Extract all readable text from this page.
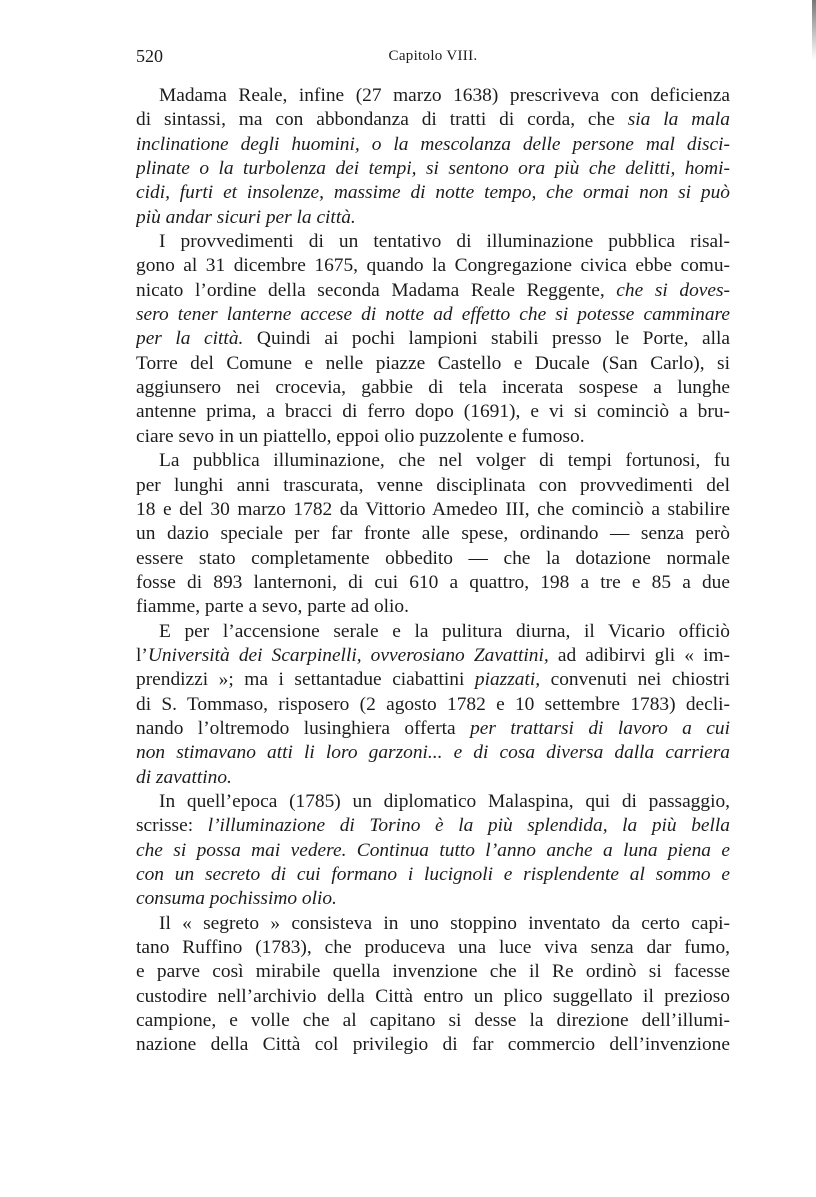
520	Capitolo VIII.

Madama Reale, infine (27 marzo 1638) prescriveva con deficienza
di sintassi, ma con abbondanza di tratti di corda, che sia la mala
inclinatione degli huomini, o la mescolanza delle persone mal disci-
plinate o la turbolenza dei tempi, si sentono ora più che delitti, homi-
cidi, furti et insolenze, massime di notte tempo, che ormai non si può
più andar sicuri per la città.

I provvedimenti di un tentativo di illuminazione pubblica risal-
gono al 31 dicembre 1675, quando la Congregazione civica ebbe comu-
nicato l’ordine della seconda Madama Reale Reggente, che si doves-
sero tener lanterne accese di notte ad effetto che si potesse camminare
per la città. Quindi ai pochi lampioni stabili presso le Porte, alla
Torre del Comune e nelle piazze Castello e Ducale (San Carlo), si
aggiunsero nei crocevia, gabbie di tela incerata sospese a lunghe
antenne prima, a bracci di ferro dopo (1691), e vi si cominciò a bru-
ciare sevo in un piattello, eppoi olio puzzolente e fumoso.

La pubblica illuminazione, che nel volger di tempi fortunosi, fu
per lunghi anni trascurata, venne disciplinata con provvedimenti del
18 e del 30 marzo 1782 da Vittorio Amedeo III, che cominciò a stabilire
un dazio speciale per far fronte alle spese, ordinando — senza però
essere stato completamente obbedito — che la dotazione normale
fosse di 893 lanternoni, di cui 610 a quattro, 198 a tre e 85 a due
fiamme, parte a sevo, parte ad olio.

E per l’accensione serale e la pulitura diurna, il Vicario officiò
l’Università dei Scarpinelli, ovverosiano Zavattini, ad adibirvi gli « im-
prendizzi »; ma i settantadue ciabattini piazzati, convenuti nei chiostri
di S. Tommaso, risposero (2 agosto 1782 e 10 settembre 1783) decli-
nando l’oltremodo lusinghiera offerta per trattarsi di lavoro a cui
non stimavano atti li loro garzoni... e di cosa diversa dalla carriera
di zavattino.

In quell’epoca (1785) un diplomatico Malaspina, qui di passaggio,
scrisse: l’illuminazione di Torino è la più splendida, la più bella
che si possa mai vedere. Continua tutto l’anno anche a luna piena e
con un secreto di cui formano i lucignoli e risplendente al sommo e
consuma pochissimo olio.

Il « segreto » consisteva in uno stoppino inventato da certo capi-
tano Ruffino (1783), che produceva una luce viva senza dar fumo,
e parve così mirabile quella invenzione che il Re ordinò si facesse
custodire nell’archivio della Città entro un plico suggellato il prezioso
campione, e volle che al capitano si desse la direzione dell’illumi-
nazione della Città col privilegio di far commercio dell’invenzione
